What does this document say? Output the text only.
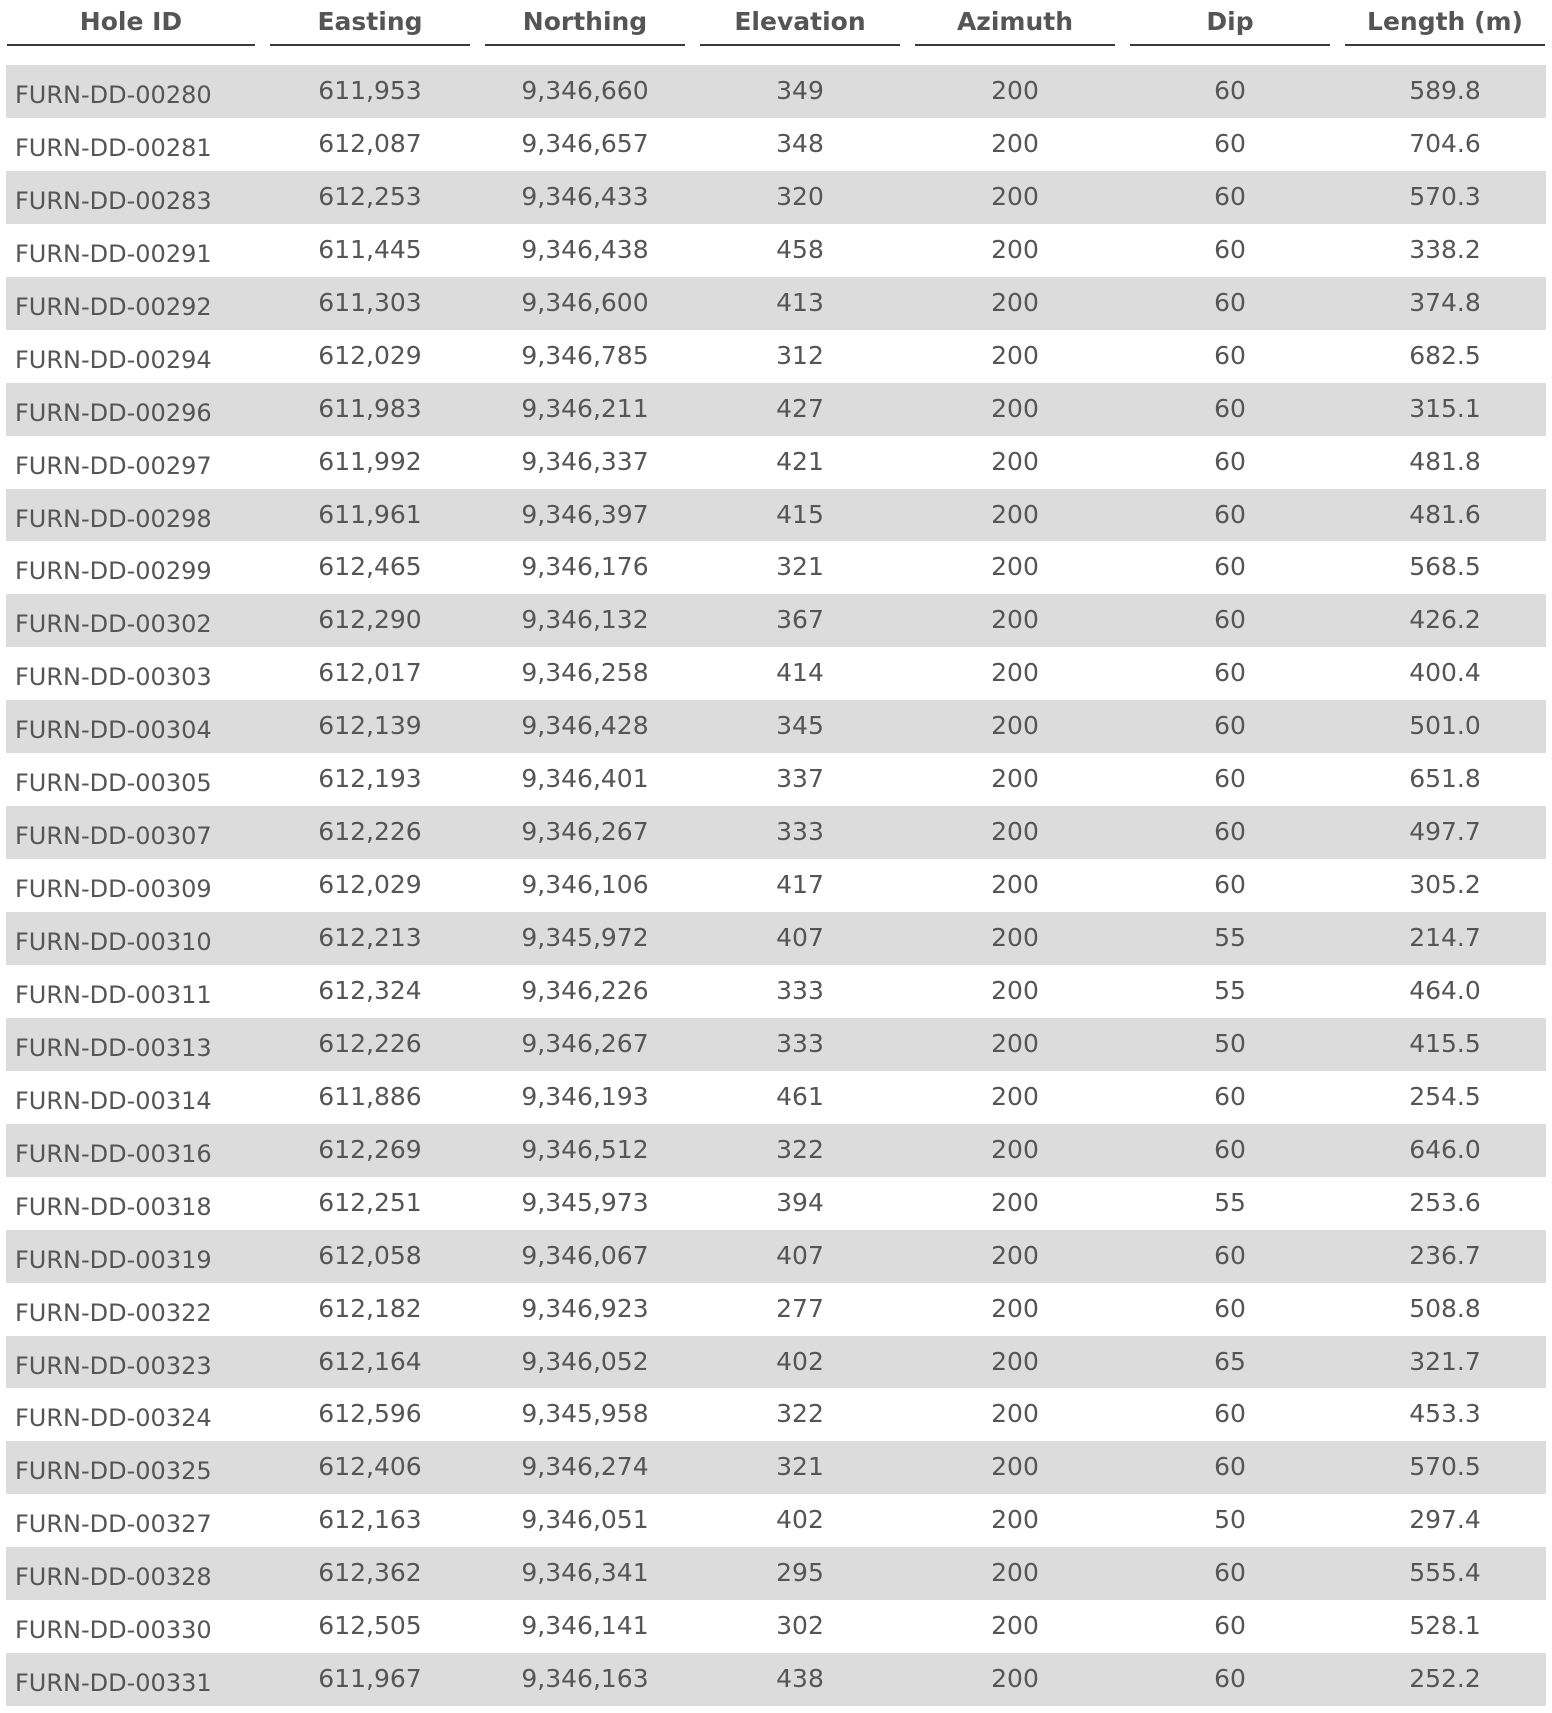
Hole ID	Easting	Northing	Elevation	Azimuth	Dip	Length (m)
FURN-DD-00280	611,953	9,346,660	349	200	60	589.8
FURN-DD-00281	612,087	9,346,657	348	200	60	704.6
FURN-DD-00283	612,253	9,346,433	320	200	60	570.3
FURN-DD-00291	611,445	9,346,438	458	200	60	338.2
FURN-DD-00292	611,303	9,346,600	413	200	60	374.8
FURN-DD-00294	612,029	9,346,785	312	200	60	682.5
FURN-DD-00296	611,983	9,346,211	427	200	60	315.1
FURN-DD-00297	611,992	9,346,337	421	200	60	481.8
FURN-DD-00298	611,961	9,346,397	415	200	60	481.6
FURN-DD-00299	612,465	9,346,176	321	200	60	568.5
FURN-DD-00302	612,290	9,346,132	367	200	60	426.2
FURN-DD-00303	612,017	9,346,258	414	200	60	400.4
FURN-DD-00304	612,139	9,346,428	345	200	60	501.0
FURN-DD-00305	612,193	9,346,401	337	200	60	651.8
FURN-DD-00307	612,226	9,346,267	333	200	60	497.7
FURN-DD-00309	612,029	9,346,106	417	200	60	305.2
FURN-DD-00310	612,213	9,345,972	407	200	55	214.7
FURN-DD-00311	612,324	9,346,226	333	200	55	464.0
FURN-DD-00313	612,226	9,346,267	333	200	50	415.5
FURN-DD-00314	611,886	9,346,193	461	200	60	254.5
FURN-DD-00316	612,269	9,346,512	322	200	60	646.0
FURN-DD-00318	612,251	9,345,973	394	200	55	253.6
FURN-DD-00319	612,058	9,346,067	407	200	60	236.7
FURN-DD-00322	612,182	9,346,923	277	200	60	508.8
FURN-DD-00323	612,164	9,346,052	402	200	65	321.7
FURN-DD-00324	612,596	9,345,958	322	200	60	453.3
FURN-DD-00325	612,406	9,346,274	321	200	60	570.5
FURN-DD-00327	612,163	9,346,051	402	200	50	297.4
FURN-DD-00328	612,362	9,346,341	295	200	60	555.4
FURN-DD-00330	612,505	9,346,141	302	200	60	528.1
FURN-DD-00331	611,967	9,346,163	438	200	60	252.2
